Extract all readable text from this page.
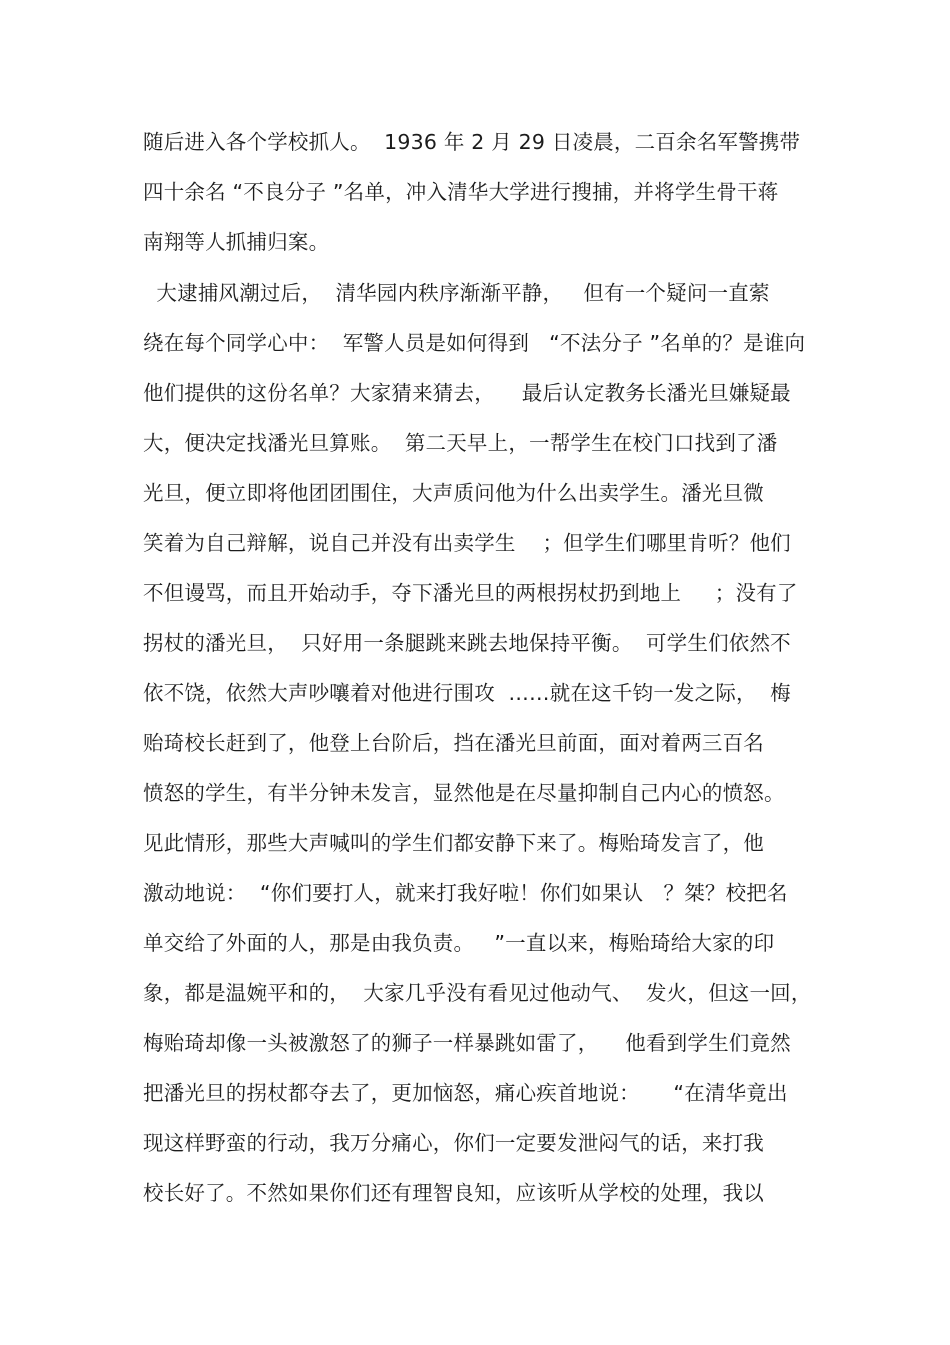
随后进入各个学校抓人。  1936 年 2 月 29 日凌晨，二百余名军警携带
四十余名 “不良分子 ”名单，冲入清华大学进行搜捕，并将学生骨干蒋
南翔等人抓捕归案。
大逮捕风潮过后，  清华园内秩序渐渐平静，   但有一个疑问一直萦
绕在每个同学心中：  军警人员是如何得到   “不法分子 ”名单的？是谁向
他们提供的这份名单？大家猜来猜去，    最后认定教务长潘光旦嫌疑最
大，便决定找潘光旦算账。  第二天早上，一帮学生在校门口找到了潘
光旦，便立即将他团团围住，大声质问他为什么出卖学生。潘光旦微
笑着为自己辩解，说自己并没有出卖学生    ；但学生们哪里肯听？他们
不但谩骂，而且开始动手，夺下潘光旦的两根拐杖扔到地上     ；没有了
拐杖的潘光旦，  只好用一条腿跳来跳去地保持平衡。  可学生们依然不
依不饶，依然大声吵嚷着对他进行围攻  ……就在这千钧一发之际，  梅
贻琦校长赶到了，他登上台阶后，挡在潘光旦前面，面对着两三百名
愤怒的学生，有半分钟未发言，显然他是在尽量抑制自己内心的愤怒。
见此情形，那些大声喊叫的学生们都安静下来了。梅贻琦发言了，他
激动地说：  “你们要打人，就来打我好啦！你们如果认   ？桀？校把名
单交给了外面的人，那是由我负责。   ”一直以来，梅贻琦给大家的印
象，都是温婉平和的，  大家几乎没有看见过他动气、  发火，但这一回，
梅贻琦却像一头被激怒了的狮子一样暴跳如雷了，    他看到学生们竟然
把潘光旦的拐杖都夺去了，更加恼怒，痛心疾首地说：     “在清华竟出
现这样野蛮的行动，我万分痛心，你们一定要发泄闷气的话，来打我
校长好了。不然如果你们还有理智良知，应该听从学校的处理，我以
